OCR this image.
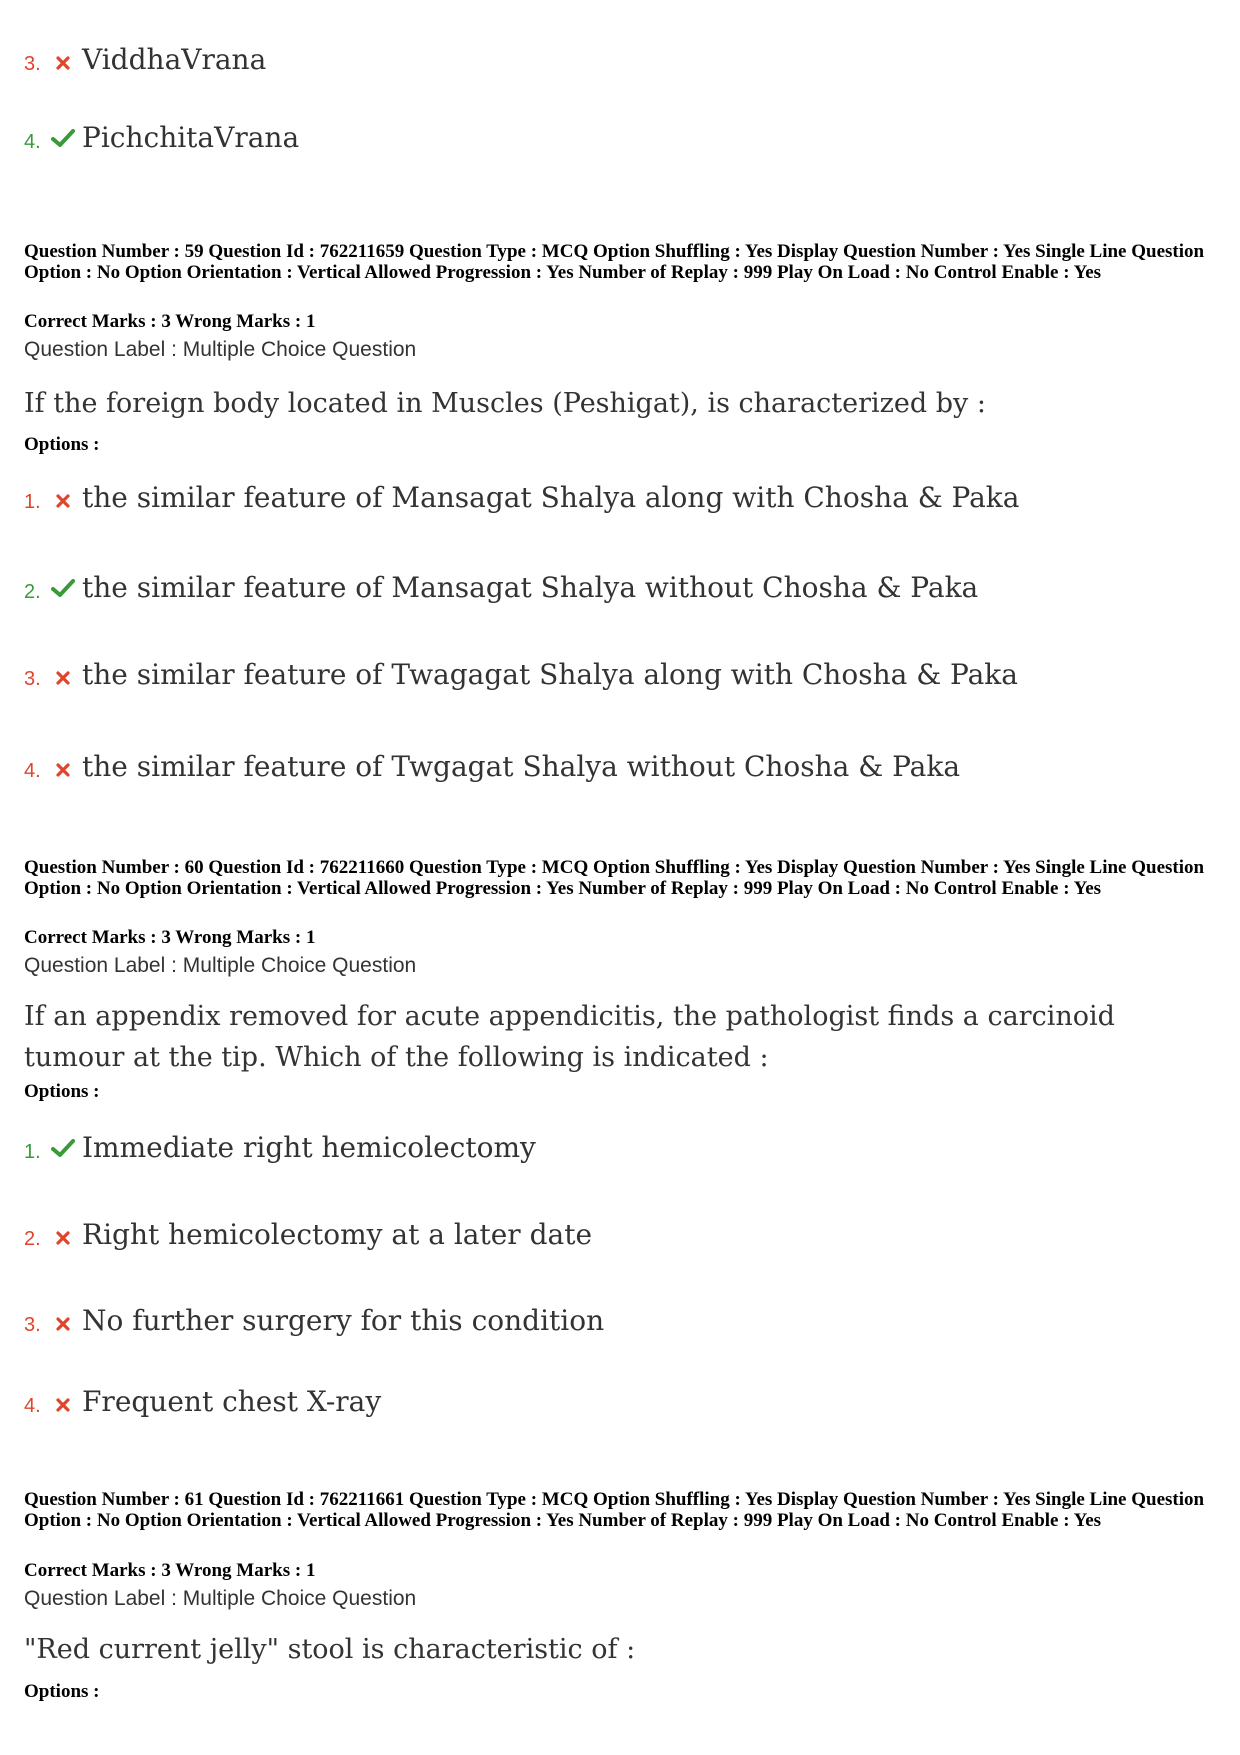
3.	ViddhaVrana
4.	PichchitaVrana
Question Number : 59 Question Id : 762211659 Question Type : MCQ Option Shuffling : Yes Display Question Number : Yes Single Line Question Option : No Option Orientation : Vertical Allowed Progression : Yes Number of Replay : 999 Play On Load : No Control Enable : Yes
Correct Marks : 3 Wrong Marks : 1
Question Label : Multiple Choice Question
If the foreign body located in Muscles (Peshigat), is characterized by :
Options :
1.	the similar feature of Mansagat Shalya along with Chosha & Paka
2.	the similar feature of Mansagat Shalya without Chosha & Paka
3.	the similar feature of Twagagat Shalya along with Chosha & Paka
4.	the similar feature of Twgagat Shalya without Chosha & Paka
Question Number : 60 Question Id : 762211660 Question Type : MCQ Option Shuffling : Yes Display Question Number : Yes Single Line Question Option : No Option Orientation : Vertical Allowed Progression : Yes Number of Replay : 999 Play On Load : No Control Enable : Yes
Correct Marks : 3 Wrong Marks : 1
Question Label : Multiple Choice Question
If an appendix removed for acute appendicitis, the pathologist finds a carcinoid tumour at the tip. Which of the following is indicated :
Options :
1.	Immediate right hemicolectomy
2.	Right hemicolectomy at a later date
3.	No further surgery for this condition
4.	Frequent chest X-ray
Question Number : 61 Question Id : 762211661 Question Type : MCQ Option Shuffling : Yes Display Question Number : Yes Single Line Question Option : No Option Orientation : Vertical Allowed Progression : Yes Number of Replay : 999 Play On Load : No Control Enable : Yes
Correct Marks : 3 Wrong Marks : 1
Question Label : Multiple Choice Question
"Red current jelly" stool is characteristic of :
Options :
